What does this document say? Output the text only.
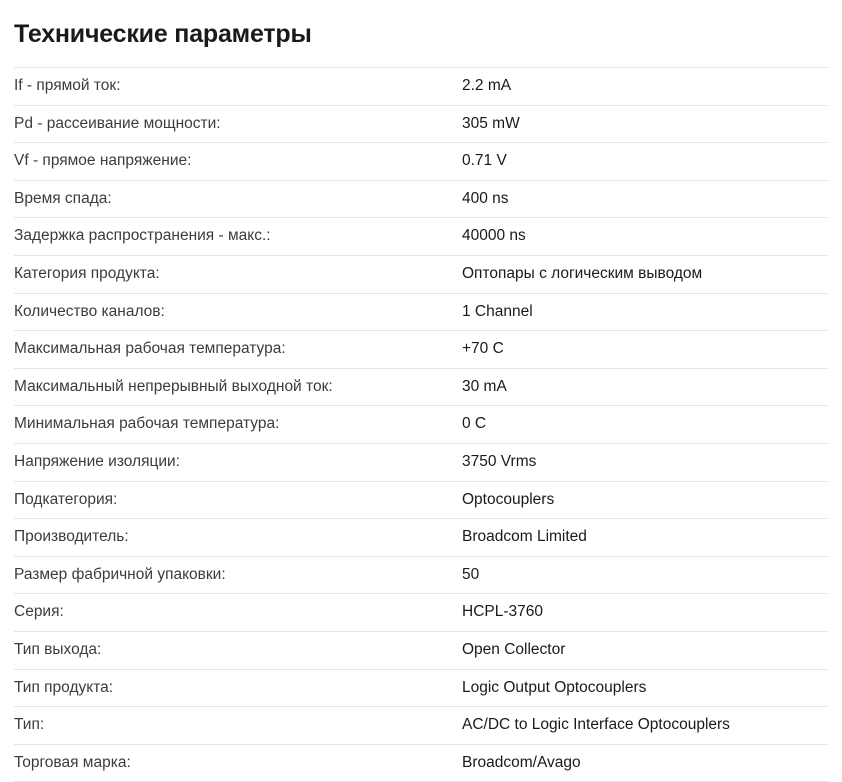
Технические параметры
If - прямой ток:	2.2 mA
Pd - рассеивание мощности:	305 mW
Vf - прямое напряжение:	0.71 V
Время спада:	400 ns
Задержка распространения - макс.:	40000 ns
Категория продукта:	Оптопары с логическим выводом
Количество каналов:	1 Channel
Максимальная рабочая температура:	+70 C
Максимальный непрерывный выходной ток:	30 mA
Минимальная рабочая температура:	0 C
Напряжение изоляции:	3750 Vrms
Подкатегория:	Optocouplers
Производитель:	Broadcom Limited
Размер фабричной упаковки:	50
Серия:	HCPL-3760
Тип выхода:	Open Collector
Тип продукта:	Logic Output Optocouplers
Тип:	AC/DC to Logic Interface Optocouplers
Торговая марка:	Broadcom/Avago
